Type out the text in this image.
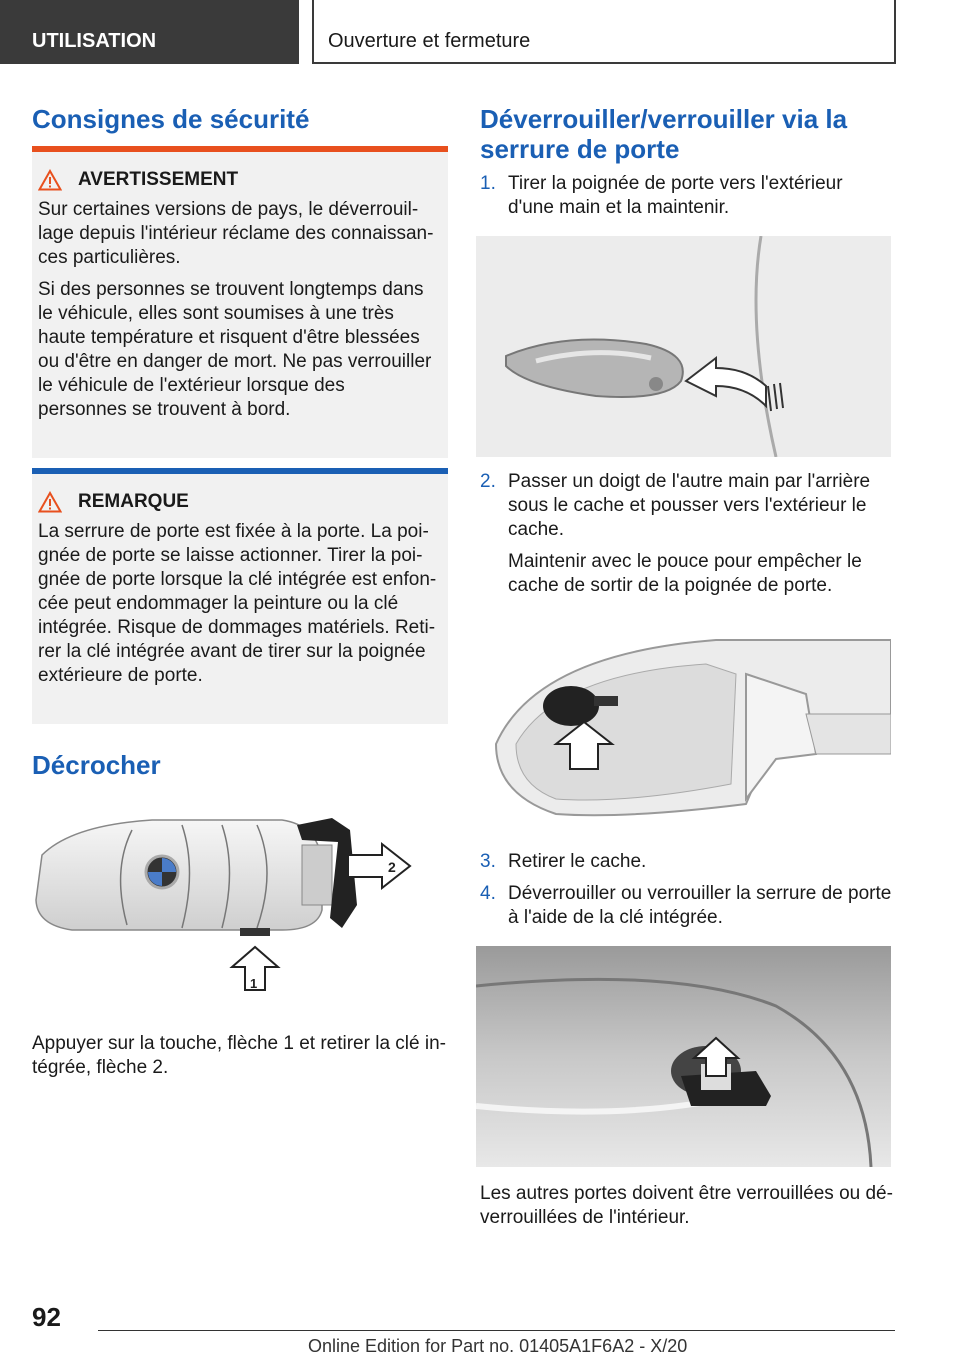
UTILISATION	Ouverture et fermeture
Consignes de sécurité
AVERTISSEMENT

Sur certaines versions de pays, le déverrouillage depuis l'intérieur réclame des connaissances particulières.

Si des personnes se trouvent longtemps dans le véhicule, elles sont soumises à une très haute température et risquent d'être blessées ou d'être en danger de mort. Ne pas verrouiller le véhicule de l'extérieur lorsque des personnes se trouvent à bord.

REMARQUE

La serrure de porte est fixée à la porte. La poignée de porte se laisse actionner. Tirer la poignée de porte lorsque la clé intégrée est enfoncée peut endommager la peinture ou la clé intégrée. Risque de dommages matériels. Retirer la clé intégrée avant de tirer sur la poignée extérieure de porte.

Décrocher
1
2
Appuyer sur la touche, flèche 1 et retirer la clé intégrée, flèche 2.
Déverrouiller/verrouiller via la serrure de porte
1. Tirer la poignée de porte vers l'extérieur d'une main et la maintenir.

2. Passer un doigt de l'autre main par l'arrière sous le cache et pousser vers l'extérieur le cache.

Maintenir avec le pouce pour empêcher le cache de sortir de la poignée de porte.

3. Retirer le cache.

4. Déverrouiller ou verrouiller la serrure de porte à l'aide de la clé intégrée.

Les autres portes doivent être verrouillées ou déverrouillées de l'intérieur.
92
Online Edition for Part no. 01405A1F6A2 - X/20
